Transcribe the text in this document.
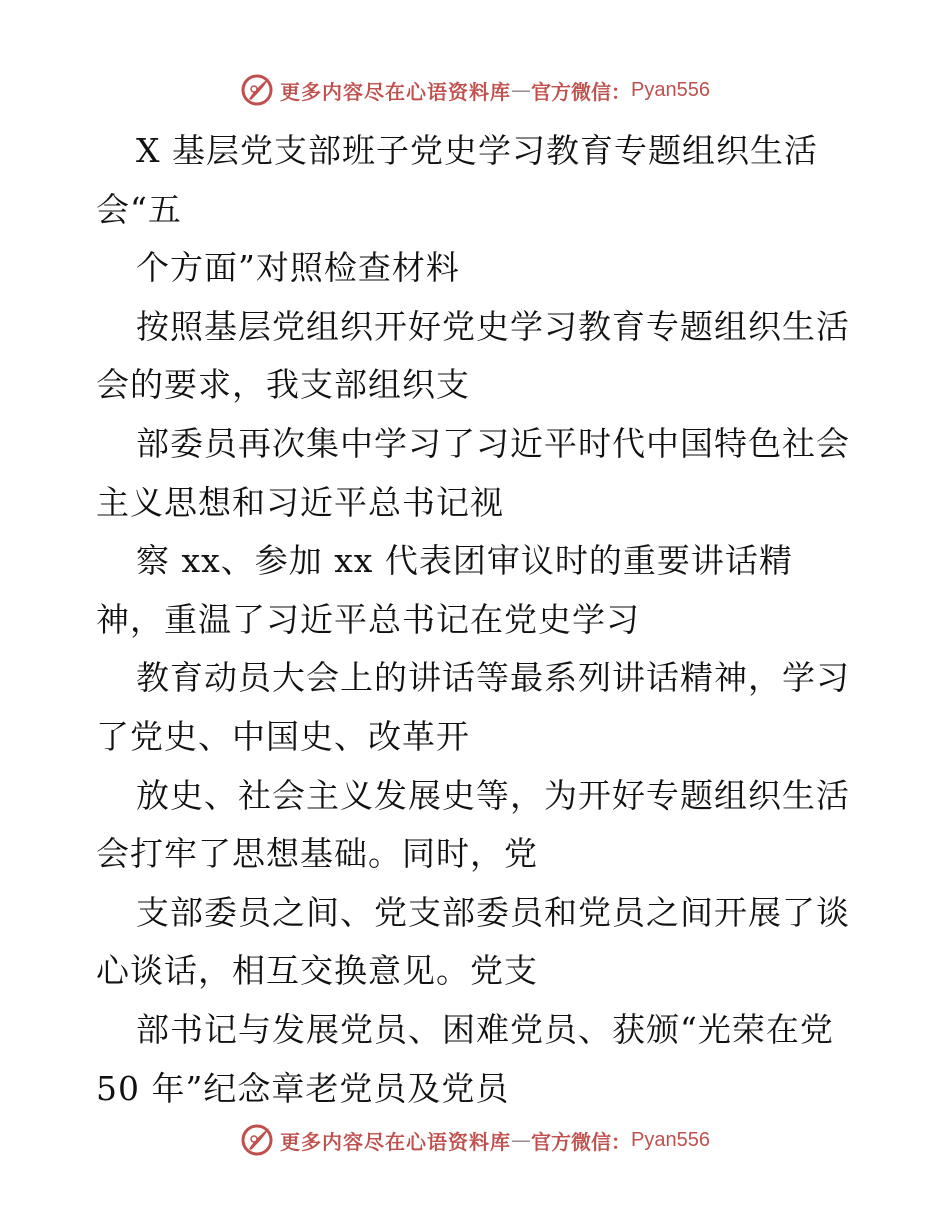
更多内容尽在心语资料库 — 官方微信： Pyan556
X 基层党支部班子党史学习教育专题组织生活
会“五
个方面”对照检查材料
按照基层党组织开好党史学习教育专题组织生活
会的要求，我支部组织支
部委员再次集中学习了习近平时代中国特色社会
主义思想和习近平总书记视
察 xx、参加 xx 代表团审议时的重要讲话精
神，重温了习近平总书记在党史学习
教育动员大会上的讲话等最系列讲话精神，学习
了党史、中国史、改革开
放史、社会主义发展史等，为开好专题组织生活
会打牢了思想基础。同时，党
支部委员之间、党支部委员和党员之间开展了谈
心谈话，相互交换意见。党支
部书记与发展党员、困难党员、获颁“光荣在党
50 年”纪念章老党员及党员
更多内容尽在心语资料库 — 官方微信： Pyan556
